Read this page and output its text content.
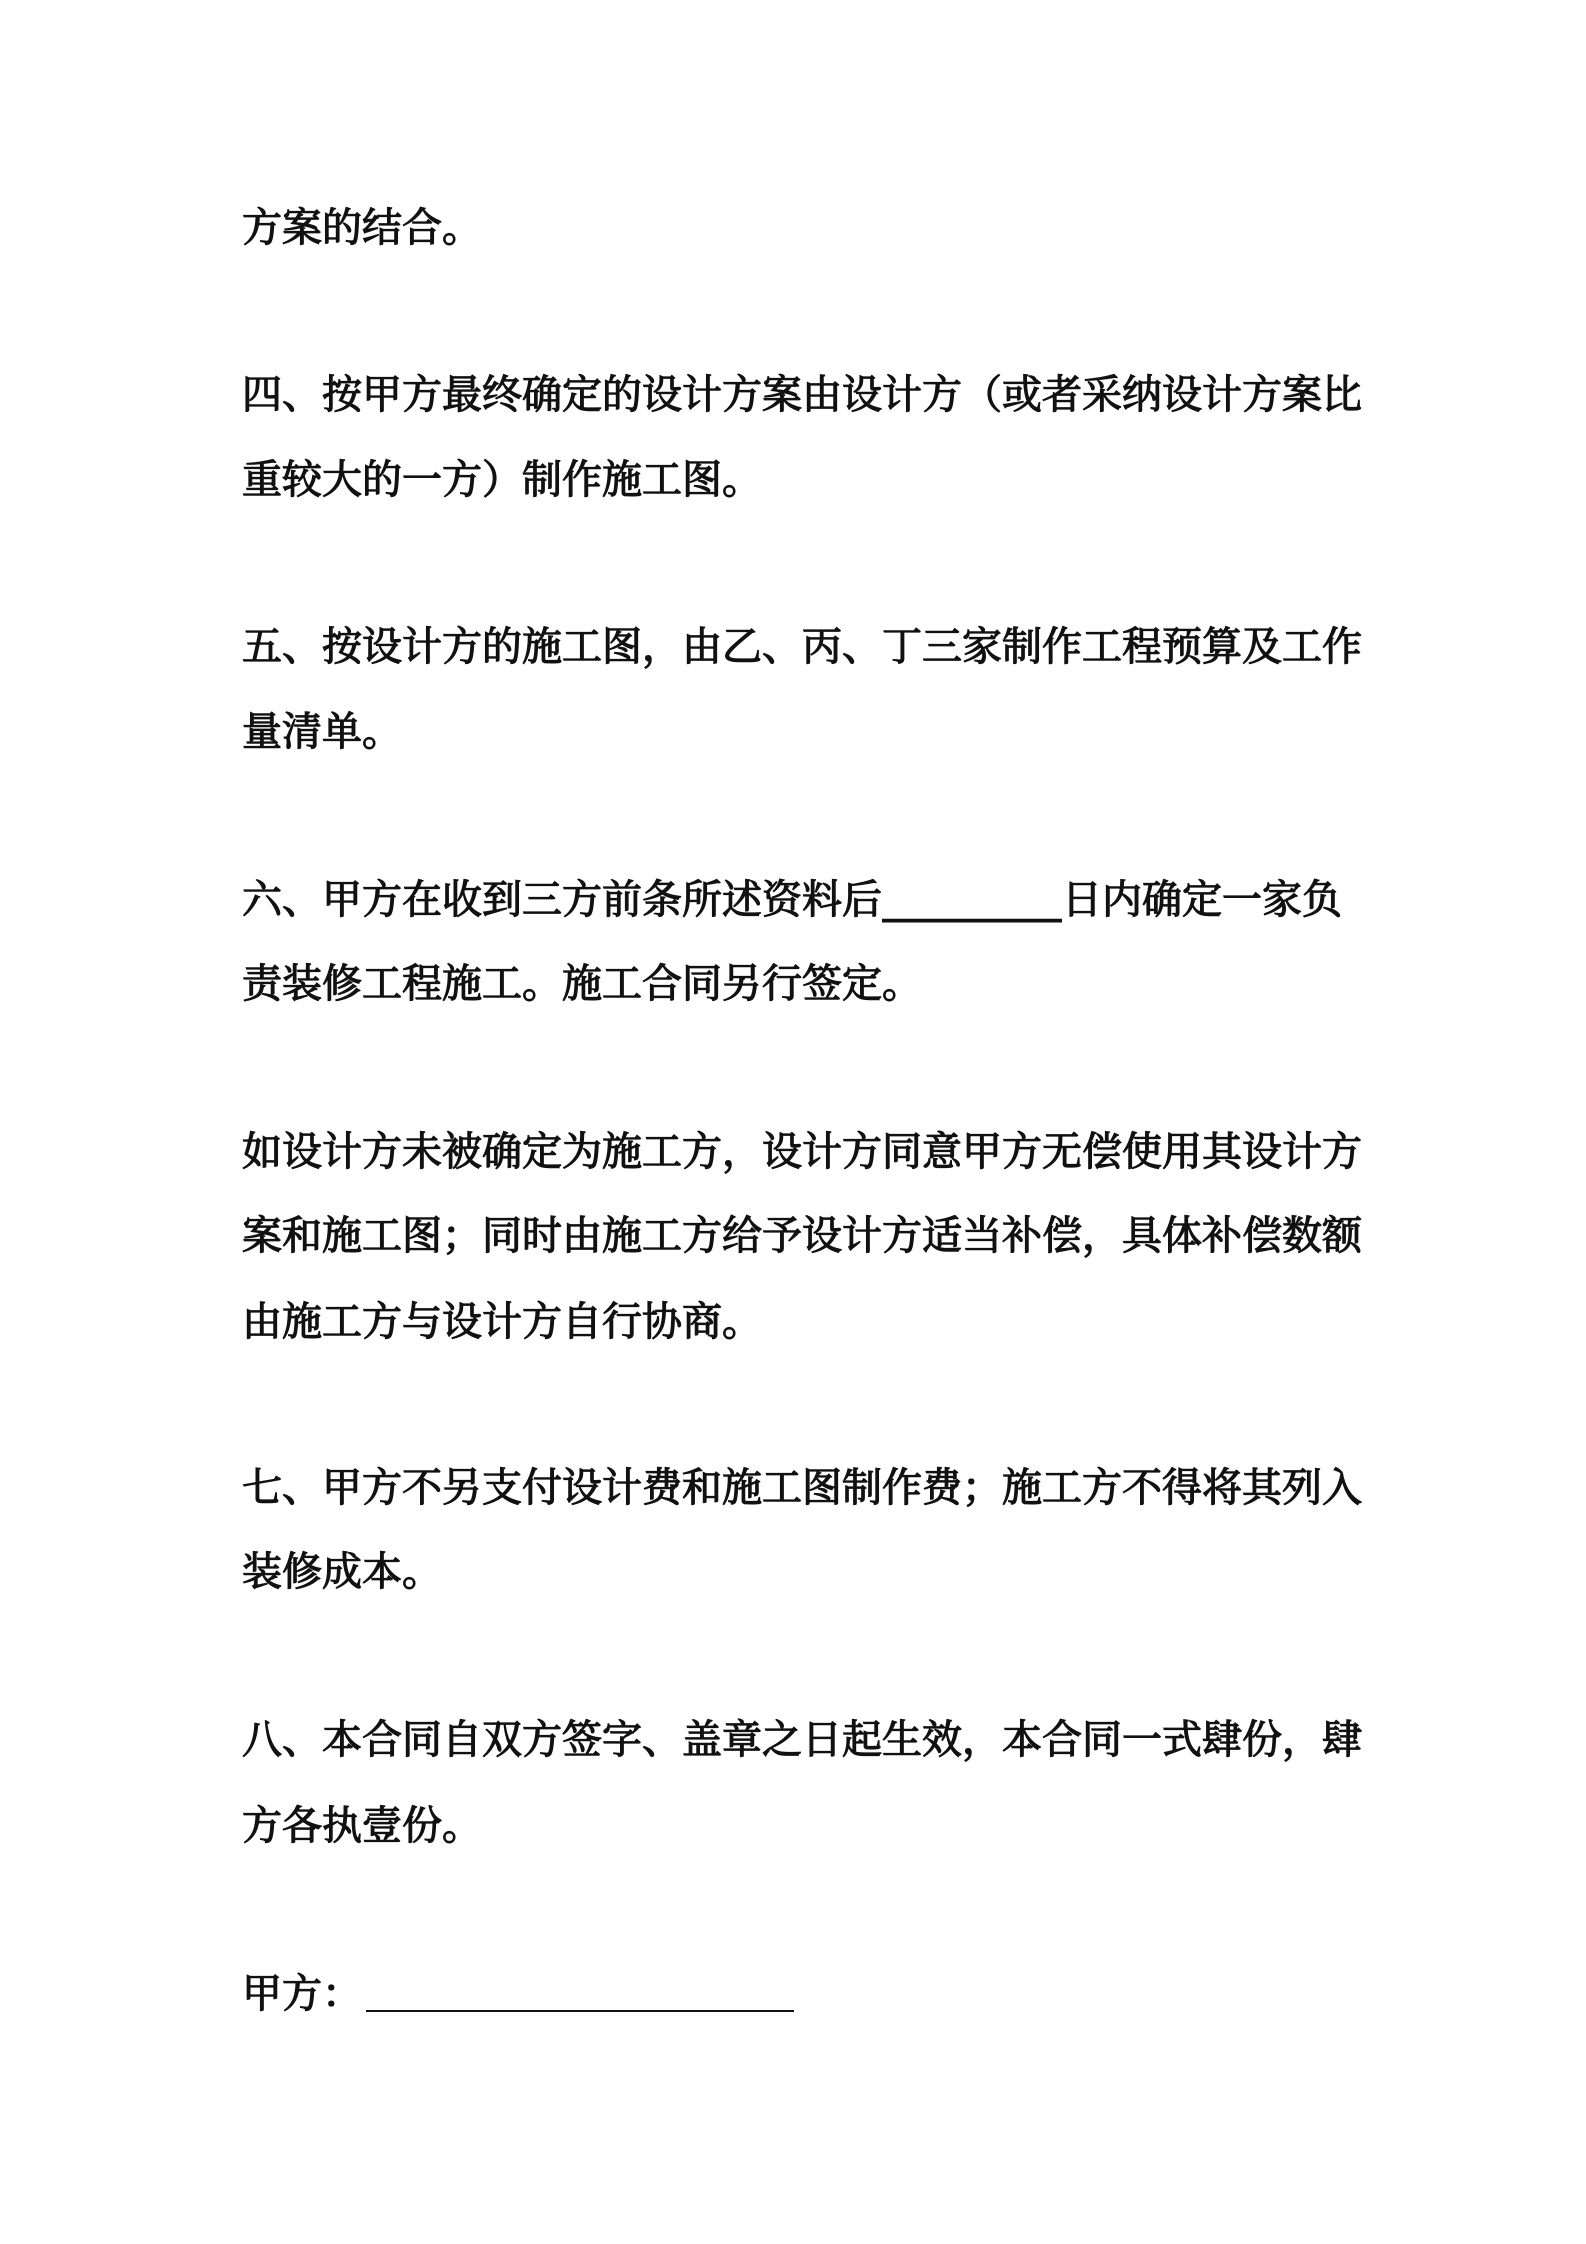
方案的结合。

四、按甲方最终确定的设计方案由设计方（或者采纳设计方案比

重较大的一方）制作施工图。

五、按设计方的施工图，由乙、丙、丁三家制作工程预算及工作

量清单。

六、甲方在收到三方前条所述资料后_________日内确定一家负

责装修工程施工。施工合同另行签定。

如设计方未被确定为施工方，设计方同意甲方无偿使用其设计方

案和施工图；同时由施工方给予设计方适当补偿，具体补偿数额

由施工方与设计方自行协商。

七、甲方不另支付设计费和施工图制作费；施工方不得将其列入

装修成本。

八、本合同自双方签字、盖章之日起生效，本合同一式肆份，肆

方各执壹份。

甲方：
